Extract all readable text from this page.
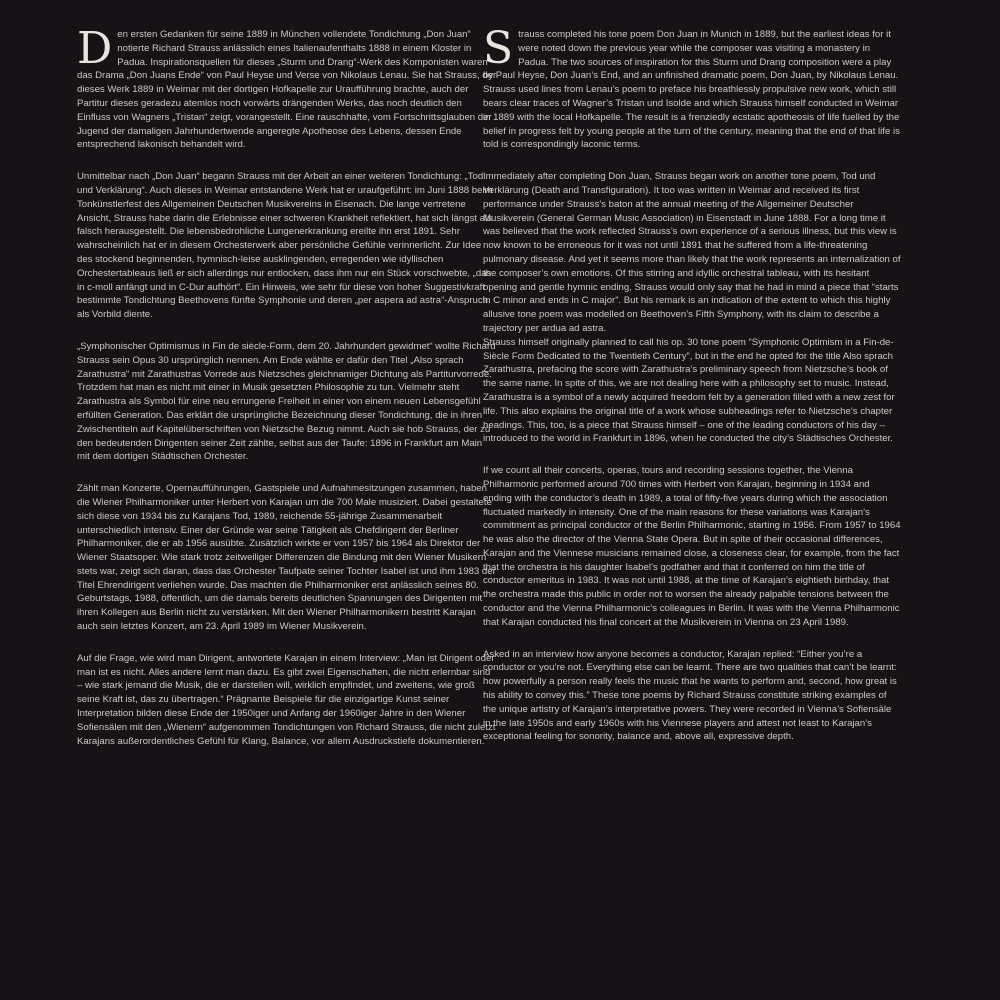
Den ersten Gedanken für seine 1889 in München vollendete Tondichtung „Don Juan“ notierte Richard Strauss anlässlich eines Italienaufenthalts 1888 in einem Kloster in Padua. Inspirationsquellen für dieses „Sturm und Drang“-Werk des Komponisten waren das Drama „Don Juans Ende“ von Paul Heyse und Verse von Nikolaus Lenau. Sie hat Strauss, der dieses Werk 1889 in Weimar mit der dortigen Hofkapelle zur Uraufführung brachte, auch der Partitur dieses geradezu atemlos noch vorwärts drängenden Werks, das noch deutlich den Einfluss von Wagners „Tristan“ zeigt, vorangestellt. Eine rauschhafte, vom Fortschrittsglauben der Jugend der damaligen Jahrhundertwende angeregte Apotheose des Lebens, dessen Ende entsprechend lakonisch behandelt wird.

Unmittelbar nach „Don Juan“ begann Strauss mit der Arbeit an einer weiteren Tondichtung: „Tod und Verklärung“. Auch dieses in Weimar entstandene Werk hat er uraufgeführt: im Juni 1888 beim Tonkünstlerfest des Allgemeinen Deutschen Musikvereins in Eisenach. Die lange vertretene Ansicht, Strauss habe darin die Erlebnisse einer schweren Krankheit reflektiert, hat sich längst als falsch herausgestellt. Die lebensbedrohliche Lungenerkrankung ereilte ihn erst 1891. Sehr wahrscheinlich hat er in diesem Orchesterwerk aber persönliche Gefühle verinnerlicht. Zur Idee des stockend beginnenden, hymnisch-leise ausklingenden, erregenden wie idyllischen Orchestertableaus ließ er sich allerdings nur entlocken, dass ihm nur ein Stück vorschwebte, „das in c-moll anfängt und in C-Dur aufhört“. Ein Hinweis, wie sehr für diese von hoher Suggestivkraft bestimmte Tondichtung Beethovens fünfte Symphonie und deren „per aspera ad astra“-Anspruch als Vorbild diente.

„Symphonischer Optimismus in Fin de siècle-Form, dem 20. Jahrhundert gewidmet“ wollte Richard Strauss sein Opus 30 ursprünglich nennen. Am Ende wählte er dafür den Titel „Also sprach Zarathustra“ mit Zarathustras Vorrede aus Nietzsches gleichnamiger Dichtung als Partiturvorrede. Trotzdem hat man es nicht mit einer in Musik gesetzten Philosophie zu tun. Vielmehr steht Zarathustra als Symbol für eine neu errungene Freiheit in einer von einem neuen Lebensgefühl erfüllten Generation. Das erklärt die ursprüngliche Bezeichnung dieser Tondichtung, die in ihren Zwischentiteln auf Kapitelüberschriften von Nietzsche Bezug nimmt. Auch sie hob Strauss, der zu den bedeutenden Dirigenten seiner Zeit zählte, selbst aus der Taufe: 1896 in Frankfurt am Main mit dem dortigen Städtischen Orchester.

Zählt man Konzerte, Opernaufführungen, Gastspiele und Aufnahmesitzungen zusammen, haben die Wiener Philharmoniker unter Herbert von Karajan um die 700 Male musiziert. Dabei gestaltete sich diese von 1934 bis zu Karajans Tod, 1989, reichende 55-jährige Zusammenarbeit unterschiedlich intensiv. Einer der Gründe war seine Tätigkeit als Chefdirigent der Berliner Philharmoniker, die er ab 1956 ausübte. Zusätzlich wirkte er von 1957 bis 1964 als Direktor der Wiener Staatsoper. Wie stark trotz zeitweiliger Differenzen die Bindung mit den Wiener Musikern stets war, zeigt sich daran, dass das Orchester Taufpate seiner Tochter Isabel ist und ihm 1983 der Titel Ehrendirigent verliehen wurde. Das machten die Philharmoniker erst anlässlich seines 80. Geburtstags, 1988, öffentlich, um die damals bereits deutlichen Spannungen des Dirigenten mit ihren Kollegen aus Berlin nicht zu verstärken. Mit den Wiener Philharmonikern bestritt Karajan auch sein letztes Konzert, am 23. April 1989 im Wiener Musikverein.

Auf die Frage, wie wird man Dirigent, antwortete Karajan in einem Interview: „Man ist Dirigent oder man ist es nicht. Alles andere lernt man dazu. Es gibt zwei Eigenschaften, die nicht erlernbar sind – wie stark jemand die Musik, die er darstellen will, wirklich empfindet, und zweitens, wie groß seine Kraft ist, das zu übertragen.“ Prägnante Beispiele für die einzigartige Kunst seiner Interpretation bilden diese Ende der 1950iger und Anfang der 1960iger Jahre in den Wiener Sofiensälen mit den „Wienern“ aufgenommen Tondichtungen von Richard Strauss, die nicht zuletzt Karajans außerordentliches Gefühl für Klang, Balance, vor allem Ausdruckstiefe dokumentieren.

Strauss completed his tone poem Don Juan in Munich in 1889, but the earliest ideas for it were noted down the previous year while the composer was visiting a monastery in Padua. The two sources of inspiration for this Sturm und Drang composition were a play by Paul Heyse, Don Juan’s End, and an unfinished dramatic poem, Don Juan, by Nikolaus Lenau. Strauss used lines from Lenau’s poem to preface his breathlessly propulsive new work, which still bears clear traces of Wagner’s Tristan und Isolde and which Strauss himself conducted in Weimar in 1889 with the local Hofkapelle. The result is a frenziedly ecstatic apotheosis of life fuelled by the belief in progress felt by young people at the turn of the century, meaning that the end of that life is told is correspondingly laconic terms.

Immediately after completing Don Juan, Strauss began work on another tone poem, Tod und Verklärung (Death and Transfiguration). It too was written in Weimar and received its first performance under Strauss’s baton at the annual meeting of the Allgemeiner Deutscher Musikverein (General German Music Association) in Eisenstadt in June 1888. For a long time it was believed that the work reflected Strauss’s own experience of a serious illness, but this view is now known to be erroneous for it was not until 1891 that he suffered from a life-threatening pulmonary disease. And yet it seems more than likely that the work represents an internalization of the composer’s own emotions. Of this stirring and idyllic orchestral tableau, with its hesitant opening and gentle hymnic ending, Strauss would only say that he had in mind a piece that “starts in C minor and ends in C major”. But his remark is an indication of the extent to which this highly allusive tone poem was modelled on Beethoven’s Fifth Symphony, with its claim to describe a trajectory per ardua ad astra.

Strauss himself originally planned to call his op. 30 tone poem “Symphonic Optimism in a Fin-de-Siècle Form Dedicated to the Twentieth Century”, but in the end he opted for the title Also sprach Zarathustra, prefacing the score with Zarathustra’s preliminary speech from Nietzsche’s book of the same name. In spite of this, we are not dealing here with a philosophy set to music. Instead, Zarathustra is a symbol of a newly acquired freedom felt by a generation filled with a new zest for life. This also explains the original title of a work whose subheadings refer to Nietzsche’s chapter headings. This, too, is a piece that Strauss himself – one of the leading conductors of his day – introduced to the world in Frankfurt in 1896, when he conducted the city’s Städtisches Orchester.

If we count all their concerts, operas, tours and recording sessions together, the Vienna Philharmonic performed around 700 times with Herbert von Karajan, beginning in 1934 and ending with the conductor’s death in 1989, a total of fifty-five years during which the association fluctuated markedly in intensity. One of the main reasons for these variations was Karajan’s commitment as principal conductor of the Berlin Philharmonic, starting in 1956. From 1957 to 1964 he was also the director of the Vienna State Opera. But in spite of their occasional differences, Karajan and the Viennese musicians remained close, a closeness clear, for example, from the fact that the orchestra is his daughter Isabel’s godfather and that it conferred on him the title of conductor emeritus in 1983. It was not until 1988, at the time of Karajan’s eightieth birthday, that the orchestra made this public in order not to worsen the already palpable tensions between the conductor and the Vienna Philharmonic’s colleagues in Berlin. It was with the Vienna Philharmonic that Karajan conducted his final concert at the Musikverein in Vienna on 23 April 1989.

Asked in an interview how anyone becomes a conductor, Karajan replied: “Either you’re a conductor or you’re not. Everything else can be learnt. There are two qualities that can’t be learnt: how powerfully a person really feels the music that he wants to perform and, second, how great is his ability to convey this.” These tone poems by Richard Strauss constitute striking examples of the unique artistry of Karajan’s interpretative powers. They were recorded in Vienna’s Sofiensäle in the late 1950s and early 1960s with his Viennese players and attest not least to Karajan’s exceptional feeling for sonority, balance and, above all, expressive depth.
